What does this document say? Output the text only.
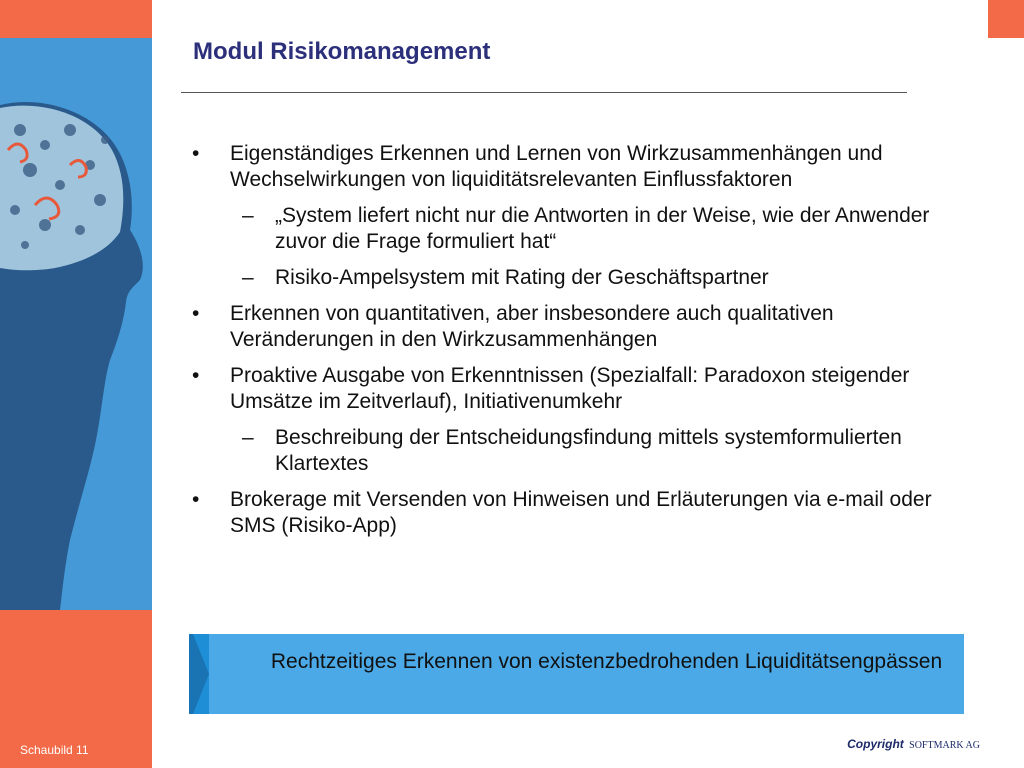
Modul Risikomanagement
• Eigenständiges Erkennen und Lernen von Wirkzusammenhängen und Wechselwirkungen von liquiditätsrelevanten Einflussfaktoren
– „System liefert nicht nur die Antworten in der Weise, wie der Anwender zuvor die Frage formuliert hat“
– Risiko-Ampelsystem mit Rating der Geschäftspartner
• Erkennen von quantitativen, aber insbesondere auch qualitativen Veränderungen in den Wirkzusammenhängen
• Proaktive Ausgabe von Erkenntnissen (Spezialfall: Paradoxon steigender Umsätze im Zeitverlauf), Initiativenumkehr
– Beschreibung der Entscheidungsfindung mittels systemformulierten Klartextes
• Brokerage mit Versenden von Hinweisen und Erläuterungen via e-mail oder SMS (Risiko-App)
Rechtzeitiges Erkennen von existenzbedrohenden Liquiditätsengpässen
Schaubild 11	Copyright SOFTMARK AG
